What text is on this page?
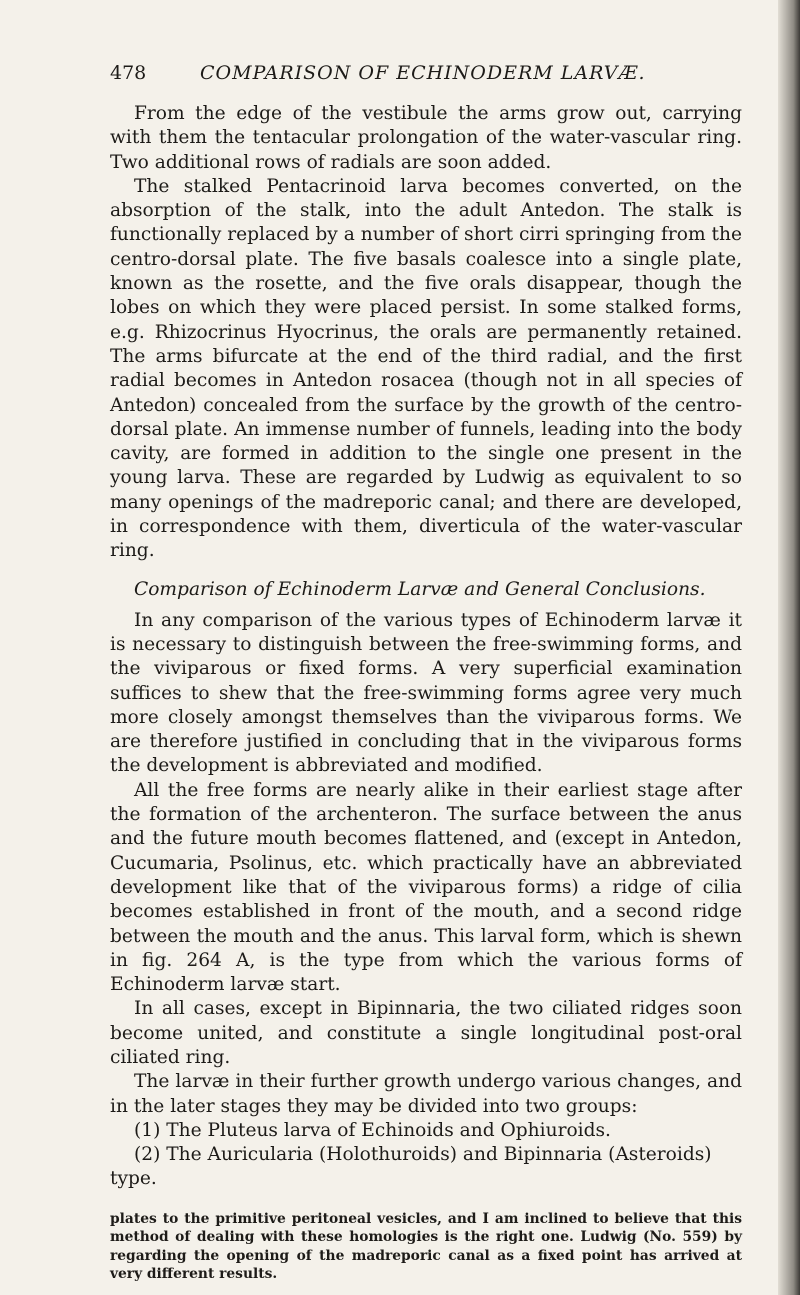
478	COMPARISON OF ECHINODERM LARVÆ.

From the edge of the vestibule the arms grow out, carrying with them the tentacular prolongation of the water-vascular ring. Two additional rows of radials are soon added.

The stalked Pentacrinoid larva becomes converted, on the absorption of the stalk, into the adult Antedon. The stalk is functionally replaced by a number of short cirri springing from the centro-dorsal plate. The five basals coalesce into a single plate, known as the rosette, and the five orals disappear, though the lobes on which they were placed persist. In some stalked forms, e.g. Rhizocrinus Hyocrinus, the orals are permanently retained. The arms bifurcate at the end of the third radial, and the first radial becomes in Antedon rosacea (though not in all species of Antedon) concealed from the surface by the growth of the centro-dorsal plate. An immense number of funnels, leading into the body cavity, are formed in addition to the single one present in the young larva. These are regarded by Ludwig as equivalent to so many openings of the madreporic canal; and there are developed, in correspondence with them, diverticula of the water-vascular ring.

Comparison of Echinoderm Larvæ and General Conclusions.

In any comparison of the various types of Echinoderm larvæ it is necessary to distinguish between the free-swimming forms, and the viviparous or fixed forms. A very superficial examination suffices to shew that the free-swimming forms agree very much more closely amongst themselves than the viviparous forms. We are therefore justified in concluding that in the viviparous forms the development is abbreviated and modified.

All the free forms are nearly alike in their earliest stage after the formation of the archenteron. The surface between the anus and the future mouth becomes flattened, and (except in Antedon, Cucumaria, Psolinus, etc. which practically have an abbreviated development like that of the viviparous forms) a ridge of cilia becomes established in front of the mouth, and a second ridge between the mouth and the anus. This larval form, which is shewn in fig. 264 A, is the type from which the various forms of Echinoderm larvæ start.

In all cases, except in Bipinnaria, the two ciliated ridges soon become united, and constitute a single longitudinal post-oral ciliated ring.

The larvæ in their further growth undergo various changes, and in the later stages they may be divided into two groups:

(1) The Pluteus larva of Echinoids and Ophiuroids.
(2) The Auricularia (Holothuroids) and Bipinnaria (Asteroids) type.
plates to the primitive peritoneal vesicles, and I am inclined to believe that this method of dealing with these homologies is the right one. Ludwig (No. 559) by regarding the opening of the madreporic canal as a fixed point has arrived at very different results.
